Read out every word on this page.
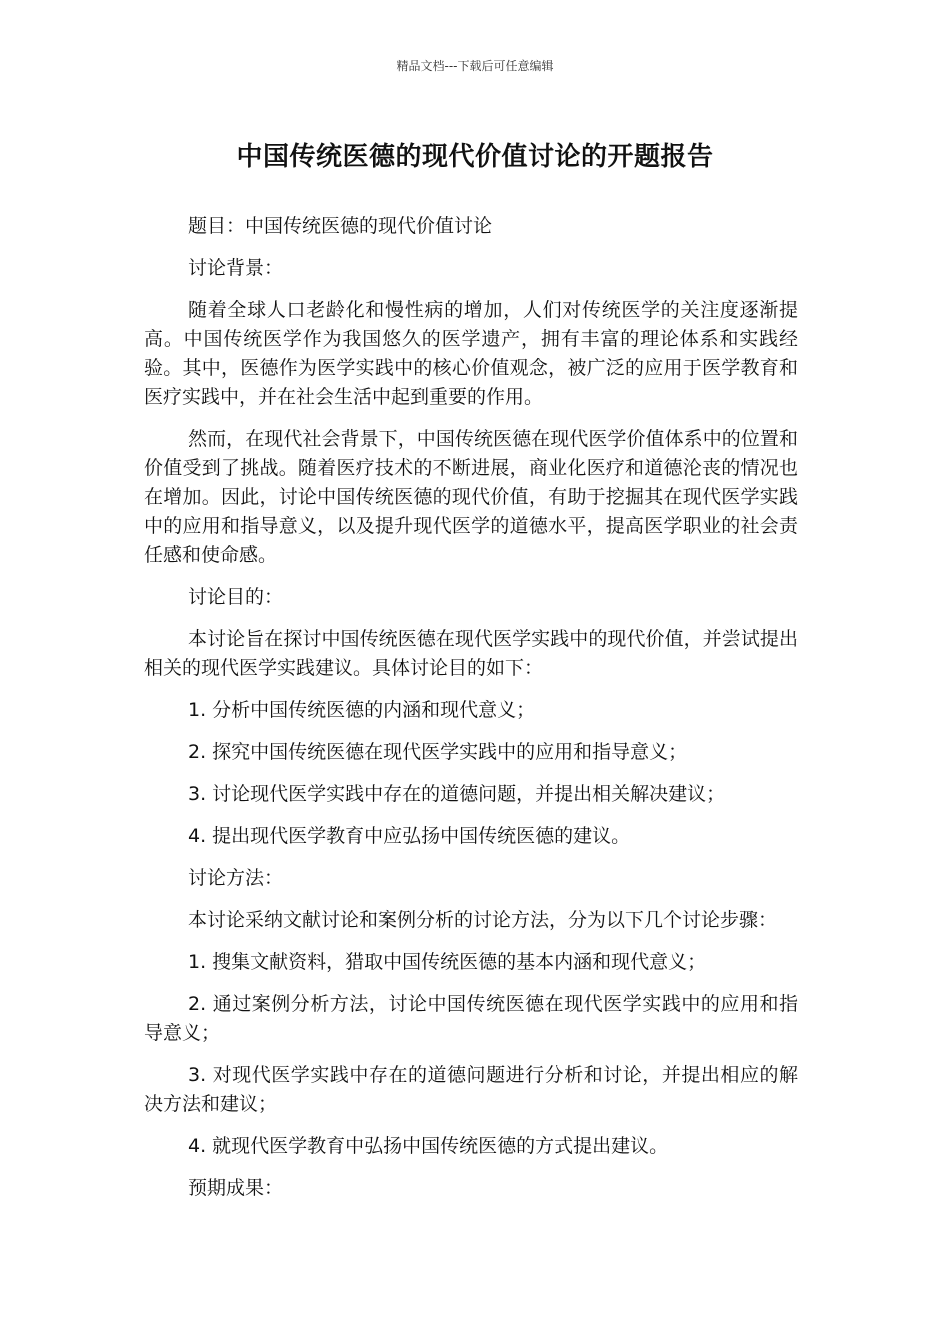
精品文档---下载后可任意编辑
中国传统医德的现代价值讨论的开题报告

题目：中国传统医德的现代价值讨论

讨论背景：

随着全球人口老龄化和慢性病的增加，人们对传统医学的关注度逐渐提高。中国传统医学作为我国悠久的医学遗产，拥有丰富的理论体系和实践经验。其中，医德作为医学实践中的核心价值观念，被广泛的应用于医学教育和医疗实践中，并在社会生活中起到重要的作用。

然而，在现代社会背景下，中国传统医德在现代医学价值体系中的位置和价值受到了挑战。随着医疗技术的不断进展，商业化医疗和道德沦丧的情况也在增加。因此，讨论中国传统医德的现代价值，有助于挖掘其在现代医学实践中的应用和指导意义，以及提升现代医学的道德水平，提高医学职业的社会责任感和使命感。

讨论目的：

本讨论旨在探讨中国传统医德在现代医学实践中的现代价值，并尝试提出相关的现代医学实践建议。具体讨论目的如下：

1. 分析中国传统医德的内涵和现代意义；

2. 探究中国传统医德在现代医学实践中的应用和指导意义；

3. 讨论现代医学实践中存在的道德问题，并提出相关解决建议；

4. 提出现代医学教育中应弘扬中国传统医德的建议。

讨论方法：

本讨论采纳文献讨论和案例分析的讨论方法，分为以下几个讨论步骤：

1. 搜集文献资料，猎取中国传统医德的基本内涵和现代意义；

2. 通过案例分析方法，讨论中国传统医德在现代医学实践中的应用和指导意义；

3. 对现代医学实践中存在的道德问题进行分析和讨论，并提出相应的解决方法和建议；

4. 就现代医学教育中弘扬中国传统医德的方式提出建议。

预期成果：
